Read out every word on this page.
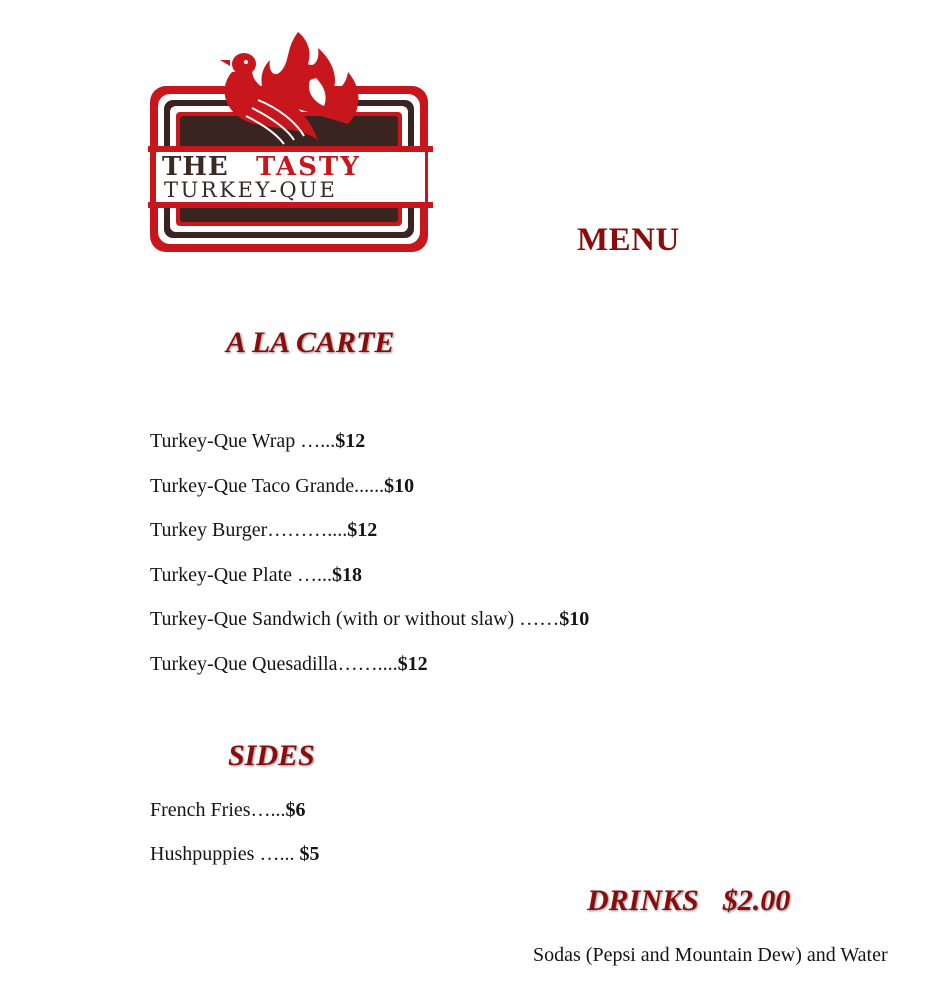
THE TASTY
TURKEY-QUE
MENU
A LA CARTE
Turkey-Que Wrap …...$12
Turkey-Que Taco Grande......$10
Turkey Burger………....$12
Turkey-Que Plate …...$18
Turkey-Que Sandwich (with or without slaw) ……$10
Turkey-Que Quesadilla……....$12
SIDES
French Fries…...$6
Hushpuppies …... $5
DRINKS $2.00
Sodas (Pepsi and Mountain Dew) and Water
